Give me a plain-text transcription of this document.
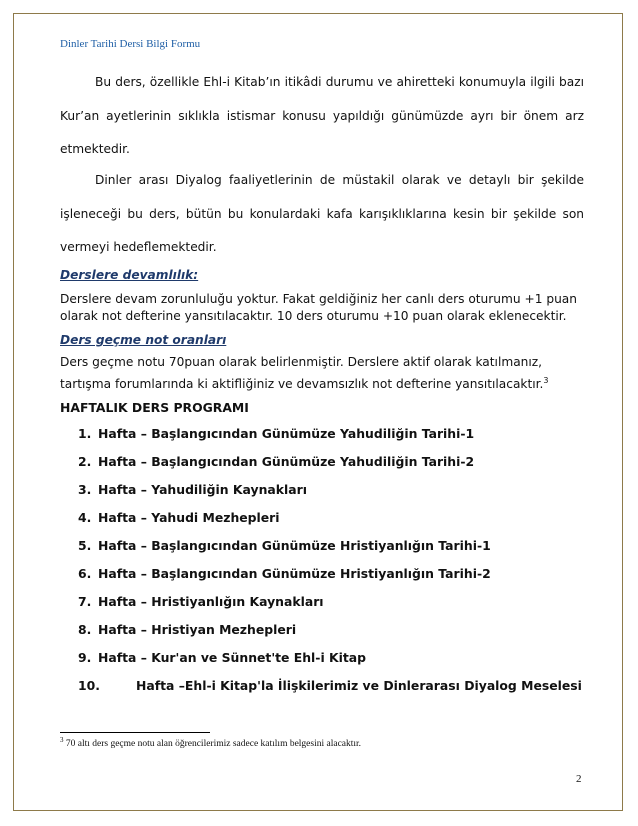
Dinler Tarihi Dersi Bilgi Formu

Bu ders, özellikle Ehl-i Kitab’ın itikâdi durumu ve ahiretteki konumuyla ilgili bazı Kur’an ayetlerinin sıklıkla istismar konusu yapıldığı günümüzde ayrı bir önem arz etmektedir.

Dinler arası Diyalog faaliyetlerinin de müstakil olarak ve detaylı bir şekilde işleneceği bu ders, bütün bu konulardaki kafa karışıklıklarına kesin bir şekilde son vermeyi hedeflemektedir.

Derslere devamlılık:

Derslere devam zorunluluğu yoktur. Fakat geldiğiniz her canlı ders oturumu +1 puan olarak not defterine yansıtılacaktır. 10 ders oturumu +10 puan olarak eklenecektir.

Ders geçme not oranları

Ders geçme notu 70puan olarak belirlenmiştir. Derslere aktif olarak katılmanız, tartışma forumlarında ki aktifliğiniz ve devamsızlık not defterine yansıtılacaktır.$^3$

HAFTALIK DERS PROGRAMI
1. Hafta – Başlangıcından Günümüze Yahudiliğin Tarihi-1
2. Hafta – Başlangıcından Günümüze Yahudiliğin Tarihi-2
3. Hafta – Yahudiliğin Kaynakları
4. Hafta – Yahudi Mezhepleri
5. Hafta – Başlangıcından Günümüze Hristiyanlığın Tarihi-1
6. Hafta – Başlangıcından Günümüze Hristiyanlığın Tarihi-2
7. Hafta – Hristiyanlığın Kaynakları
8. Hafta – Hristiyan Mezhepleri
9. Hafta – Kur'an ve Sünnet'te Ehl-i Kitap
10.	Hafta –Ehl-i Kitap'la İlişkilerimiz ve Dinlerarası Diyalog Meselesi
$^3$ 70 altı ders geçme notu alan öğrencilerimiz sadece katılım belgesini alacaktır.
2
